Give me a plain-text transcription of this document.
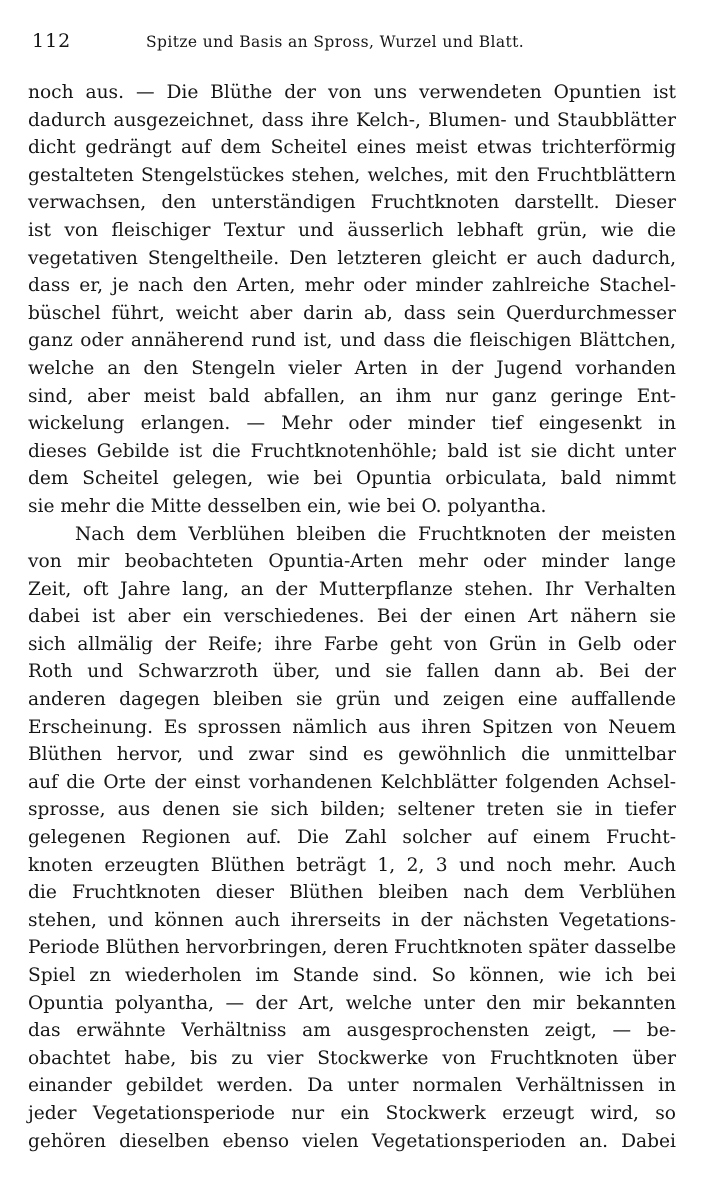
112	Spitze und Basis an Spross, Wurzel und Blatt.
noch aus. — Die Blüthe der von uns verwendeten Opuntien ist
dadurch ausgezeichnet, dass ihre Kelch-, Blumen- und Staubblätter
dicht gedrängt auf dem Scheitel eines meist etwas trichterförmig
gestalteten Stengelstückes stehen, welches, mit den Fruchtblättern
verwachsen, den unterständigen Fruchtknoten darstellt. Dieser
ist von fleischiger Textur und äusserlich lebhaft grün, wie die
vegetativen Stengeltheile. Den letzteren gleicht er auch dadurch,
dass er, je nach den Arten, mehr oder minder zahlreiche Stachel-
büschel führt, weicht aber darin ab, dass sein Querdurchmesser
ganz oder annäherend rund ist, und dass die fleischigen Blättchen,
welche an den Stengeln vieler Arten in der Jugend vorhanden
sind, aber meist bald abfallen, an ihm nur ganz geringe Ent-
wickelung erlangen. — Mehr oder minder tief eingesenkt in
dieses Gebilde ist die Fruchtknotenhöhle; bald ist sie dicht unter
dem Scheitel gelegen, wie bei Opuntia orbiculata, bald nimmt
sie mehr die Mitte desselben ein, wie bei O. polyantha.
Nach dem Verblühen bleiben die Fruchtknoten der meisten
von mir beobachteten Opuntia-Arten mehr oder minder lange
Zeit, oft Jahre lang, an der Mutterpflanze stehen. Ihr Verhalten
dabei ist aber ein verschiedenes. Bei der einen Art nähern sie
sich allmälig der Reife; ihre Farbe geht von Grün in Gelb oder
Roth und Schwarzroth über, und sie fallen dann ab. Bei der
anderen dagegen bleiben sie grün und zeigen eine auffallende
Erscheinung. Es sprossen nämlich aus ihren Spitzen von Neuem
Blüthen hervor, und zwar sind es gewöhnlich die unmittelbar
auf die Orte der einst vorhandenen Kelchblätter folgenden Achsel-
sprosse, aus denen sie sich bilden; seltener treten sie in tiefer
gelegenen Regionen auf. Die Zahl solcher auf einem Frucht-
knoten erzeugten Blüthen beträgt 1, 2, 3 und noch mehr. Auch
die Fruchtknoten dieser Blüthen bleiben nach dem Verblühen
stehen, und können auch ihrerseits in der nächsten Vegetations-
Periode Blüthen hervorbringen, deren Fruchtknoten später dasselbe
Spiel zn wiederholen im Stande sind. So können, wie ich bei
Opuntia polyantha, — der Art, welche unter den mir bekannten
das erwähnte Verhältniss am ausgesprochensten zeigt, — be-
obachtet habe, bis zu vier Stockwerke von Fruchtknoten über
einander gebildet werden. Da unter normalen Verhältnissen in
jeder Vegetationsperiode nur ein Stockwerk erzeugt wird, so
gehören dieselben ebenso vielen Vegetationsperioden an. Dabei
